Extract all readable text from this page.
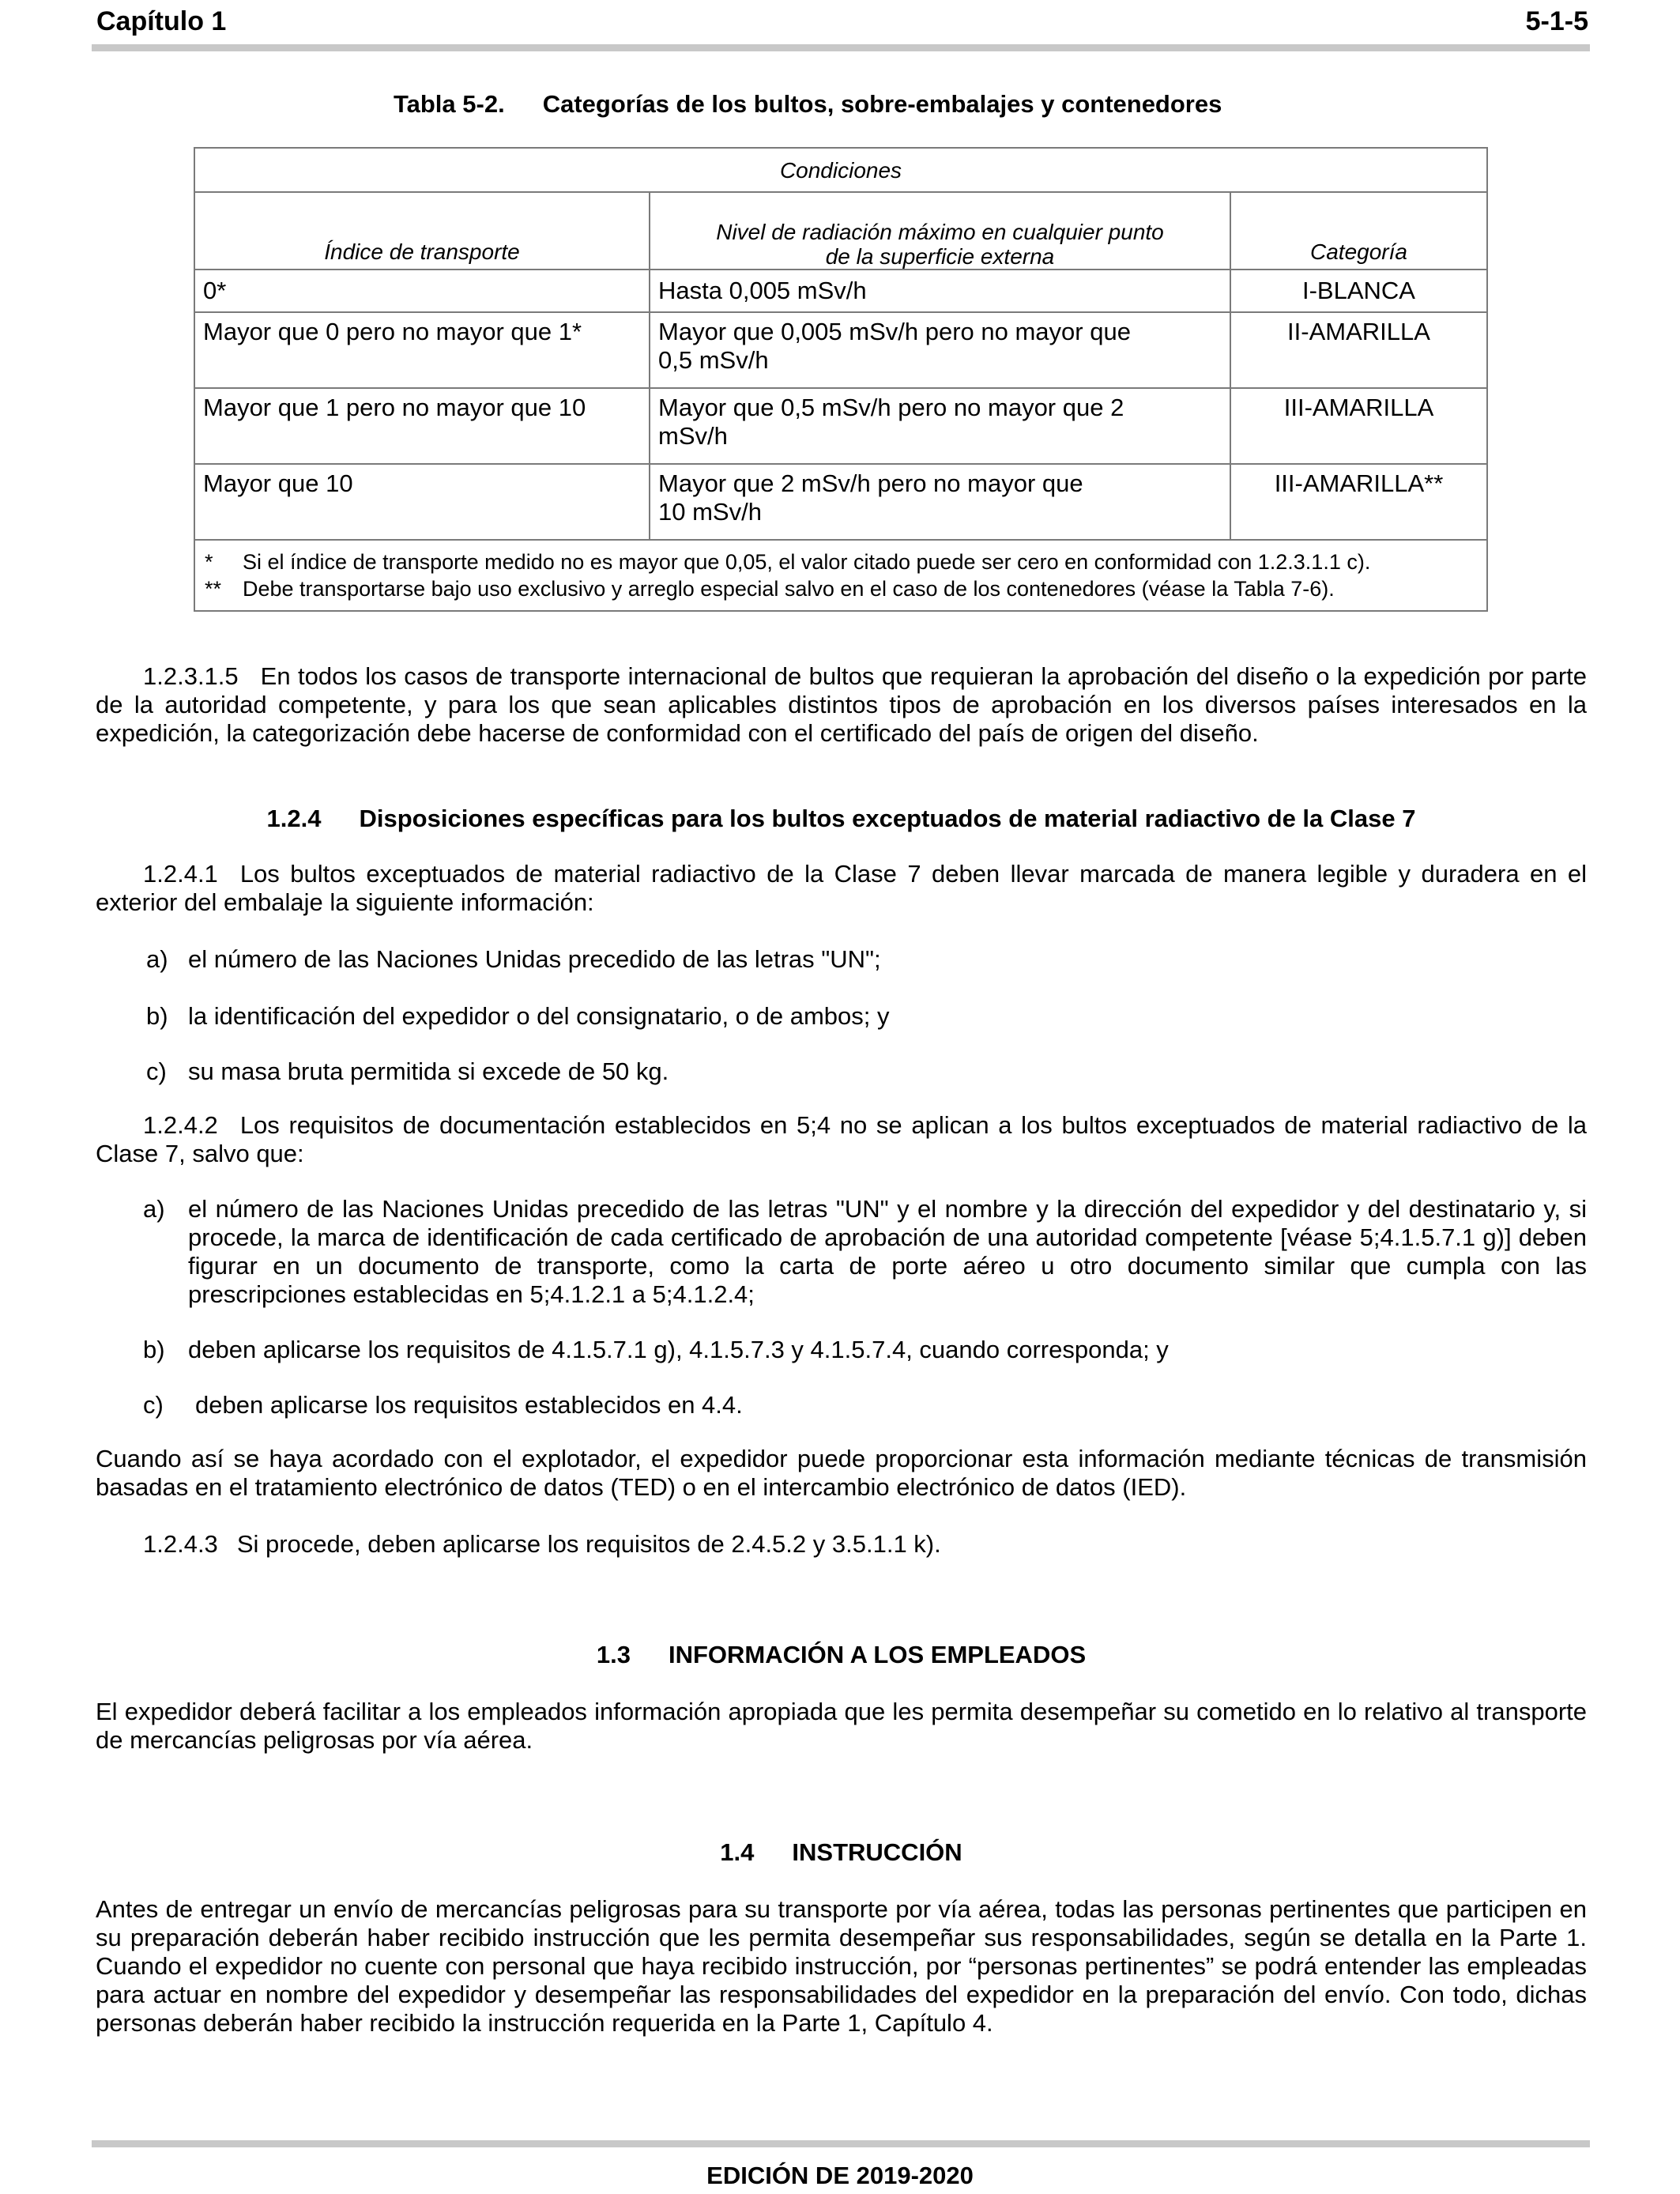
Capítulo 1	5-1-5
Tabla 5-2. Categorías de los bultos, sobre-embalajes y contenedores
Condiciones		
Índice de transporte	Nivel de radiación máximo en cualquier punto de la superficie externa	Categoría
0*	Hasta 0,005 mSv/h	I-BLANCA
Mayor que 0 pero no mayor que 1*	Mayor que 0,005 mSv/h pero no mayor que 0,5 mSv/h	II-AMARILLA
Mayor que 1 pero no mayor que 10	Mayor que 0,5 mSv/h pero no mayor que 2 mSv/h	III-AMARILLA
Mayor que 10	Mayor que 2 mSv/h pero no mayor que 10 mSv/h	III-AMARILLA**

* Si el índice de transporte medido no es mayor que 0,05, el valor citado puede ser cero en conformidad con 1.2.3.1.1 c).
** Debe transportarse bajo uso exclusivo y arreglo especial salvo en el caso de los contenedores (véase la Tabla 7-6).		

1.2.3.1.5 En todos los casos de transporte internacional de bultos que requieran la aprobación del diseño o la expedición por parte de la autoridad competente, y para los que sean aplicables distintos tipos de aprobación en los diversos países interesados en la expedición, la categorización debe hacerse de conformidad con el certificado del país de origen del diseño.

1.2.4 Disposiciones específicas para los bultos exceptuados de material radiactivo de la Clase 7

1.2.4.1 Los bultos exceptuados de material radiactivo de la Clase 7 deben llevar marcada de manera legible y duradera en el exterior del embalaje la siguiente información:

a) el número de las Naciones Unidas precedido de las letras "UN";

b) la identificación del expedidor o del consignatario, o de ambos; y

c) su masa bruta permitida si excede de 50 kg.

1.2.4.2 Los requisitos de documentación establecidos en 5;4 no se aplican a los bultos exceptuados de material radiactivo de la Clase 7, salvo que:

a) el número de las Naciones Unidas precedido de las letras "UN" y el nombre y la dirección del expedidor y del destinatario y, si procede, la marca de identificación de cada certificado de aprobación de una autoridad competente [véase 5;4.1.5.7.1 g)] deben figurar en un documento de transporte, como la carta de porte aéreo u otro documento similar que cumpla con las prescripciones establecidas en 5;4.1.2.1 a 5;4.1.2.4;

b) deben aplicarse los requisitos de 4.1.5.7.1 g), 4.1.5.7.3 y 4.1.5.7.4, cuando corresponda; y

c) deben aplicarse los requisitos establecidos en 4.4.

Cuando así se haya acordado con el explotador, el expedidor puede proporcionar esta información mediante técnicas de transmisión basadas en el tratamiento electrónico de datos (TED) o en el intercambio electrónico de datos (IED).

1.2.4.3 Si procede, deben aplicarse los requisitos de 2.4.5.2 y 3.5.1.1 k).

1.3 INFORMACIÓN A LOS EMPLEADOS

El expedidor deberá facilitar a los empleados información apropiada que les permita desempeñar su cometido en lo relativo al transporte de mercancías peligrosas por vía aérea.

1.4 INSTRUCCIÓN

Antes de entregar un envío de mercancías peligrosas para su transporte por vía aérea, todas las personas pertinentes que participen en su preparación deberán haber recibido instrucción que les permita desempeñar sus responsabilidades, según se detalla en la Parte 1. Cuando el expedidor no cuente con personal que haya recibido instrucción, por “personas pertinentes” se podrá entender las empleadas para actuar en nombre del expedidor y desempeñar las responsabilidades del expedidor en la preparación del envío. Con todo, dichas personas deberán haber recibido la instrucción requerida en la Parte 1, Capítulo 4.

EDICIÓN DE 2019-2020
